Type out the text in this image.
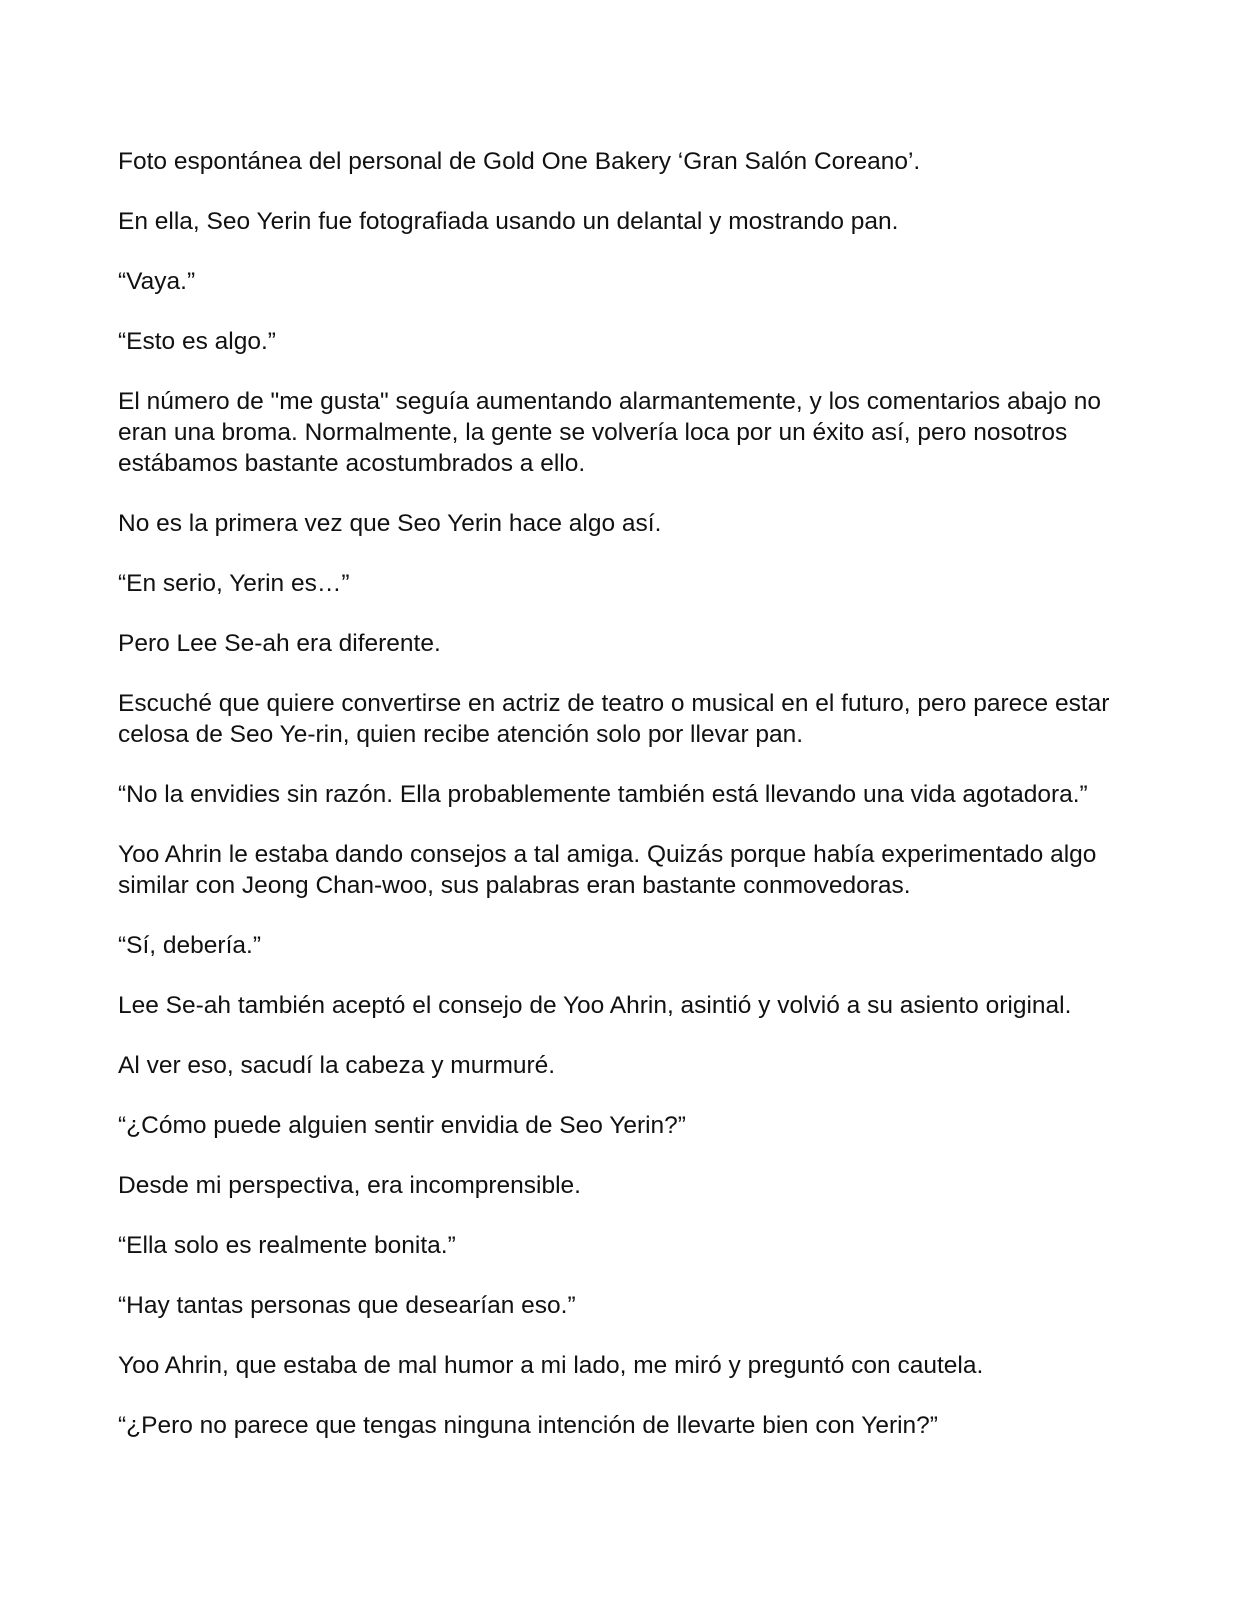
Foto espontánea del personal de Gold One Bakery ‘Gran Salón Coreano’.

En ella, Seo Yerin fue fotografiada usando un delantal y mostrando pan.

“Vaya.”

“Esto es algo.”

El número de "me gusta" seguía aumentando alarmantemente, y los comentarios abajo no eran una broma. Normalmente, la gente se volvería loca por un éxito así, pero nosotros estábamos bastante acostumbrados a ello.

No es la primera vez que Seo Yerin hace algo así.

“En serio, Yerin es…”

Pero Lee Se-ah era diferente.

Escuché que quiere convertirse en actriz de teatro o musical en el futuro, pero parece estar celosa de Seo Ye-rin, quien recibe atención solo por llevar pan.

“No la envidies sin razón. Ella probablemente también está llevando una vida agotadora.”

Yoo Ahrin le estaba dando consejos a tal amiga. Quizás porque había experimentado algo similar con Jeong Chan-woo, sus palabras eran bastante conmovedoras.

“Sí, debería.”

Lee Se-ah también aceptó el consejo de Yoo Ahrin, asintió y volvió a su asiento original.

Al ver eso, sacudí la cabeza y murmuré.

“¿Cómo puede alguien sentir envidia de Seo Yerin?”

Desde mi perspectiva, era incomprensible.

“Ella solo es realmente bonita.”

“Hay tantas personas que desearían eso.”

Yoo Ahrin, que estaba de mal humor a mi lado, me miró y preguntó con cautela.

“¿Pero no parece que tengas ninguna intención de llevarte bien con Yerin?”
